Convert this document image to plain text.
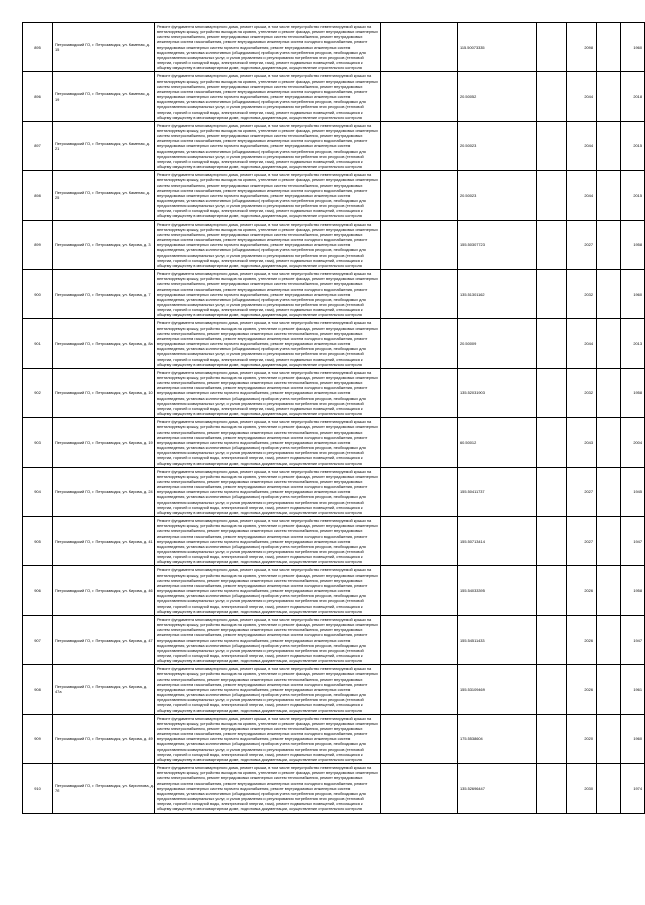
895	Петрозаводский ГО, г. Петрозаводск, ул. Каменая, д. 15	Ремонт фундамента многоквартирного дома, ремонт крыши, в том числе переустройство невентилируемой крыши на вентилируемую крышу, устройство выходов на кровлю, утепление и ремонт фасада, ремонт внутридомовых инженерных систем электроснабжения, ремонт внутридомовых инженерных систем теплоснабжения, ремонт внутридомовых инженерных систем газоснабжения, ремонт внутридомовых инженерных систем холодного водоснабжения, ремонт внутридомовых инженерных систем горячего водоснабжения, ремонт внутридомовых инженерных систем водоотведения, установка коллективных (общедомовых) приборов учета потребления ресурсов, необходимых для предоставления коммунальных услуг, и узлов управления и регулирования потребления этих ресурсов (тепловой энергии, горячей и холодной воды, электрической энергии, газа), ремонт подвальных помещений, относящихся к общему имуществу в многоквартирном доме, подготовка документации, осуществление строительного контроля		115.50073335		2098		1960
896	Петрозаводский ГО, г. Петрозаводск, ул. Каменая, д. 19	Ремонт фундамента многоквартирного дома, ремонт крыши, в том числе переустройство невентилируемой крыши на вентилируемую крышу, устройство выходов на кровлю, утепление и ремонт фасада, ремонт внутридомовых инженерных систем электроснабжения, ремонт внутридомовых инженерных систем теплоснабжения, ремонт внутридомовых инженерных систем газоснабжения, ремонт внутридомовых инженерных систем холодного водоснабжения, ремонт внутридомовых инженерных систем горячего водоснабжения, ремонт внутридомовых инженерных систем водоотведения, установка коллективных (общедомовых) приборов учета потребления ресурсов, необходимых для предоставления коммунальных услуг, и узлов управления и регулирования потребления этих ресурсов (тепловой энергии, горячей и холодной воды, электрической энергии, газа), ремонт подвальных помещений, относящихся к общему имуществу в многоквартирном доме, подготовка документации, осуществление строительного контроля		20.50052		2044		2018
897	Петрозаводский ГО, г. Петрозаводск, ул. Каменая, д. 21	Ремонт фундамента многоквартирного дома, ремонт крыши, в том числе переустройство невентилируемой крыши на вентилируемую крышу, устройство выходов на кровлю, утепление и ремонт фасада, ремонт внутридомовых инженерных систем электроснабжения, ремонт внутридомовых инженерных систем теплоснабжения, ремонт внутридомовых инженерных систем газоснабжения, ремонт внутридомовых инженерных систем холодного водоснабжения, ремонт внутридомовых инженерных систем горячего водоснабжения, ремонт внутридомовых инженерных систем водоотведения, установка коллективных (общедомовых) приборов учета потребления ресурсов, необходимых для предоставления коммунальных услуг, и узлов управления и регулирования потребления этих ресурсов (тепловой энергии, горячей и холодной воды, электрической энергии, газа), ремонт подвальных помещений, относящихся к общему имуществу в многоквартирном доме, подготовка документации, осуществление строительного контроля		20.50023		2044		2015
898	Петрозаводский ГО, г. Петрозаводск, ул. Каменая, д. 25	Ремонт фундамента многоквартирного дома, ремонт крыши, в том числе переустройство невентилируемой крыши на вентилируемую крышу, устройство выходов на кровлю, утепление и ремонт фасада, ремонт внутридомовых инженерных систем электроснабжения, ремонт внутридомовых инженерных систем теплоснабжения, ремонт внутридомовых инженерных систем газоснабжения, ремонт внутридомовых инженерных систем холодного водоснабжения, ремонт внутридомовых инженерных систем горячего водоснабжения, ремонт внутридомовых инженерных систем водоотведения, установка коллективных (общедомовых) приборов учета потребления ресурсов, необходимых для предоставления коммунальных услуг, и узлов управления и регулирования потребления этих ресурсов (тепловой энергии, горячей и холодной воды, электрической энергии, газа), ремонт подвальных помещений, относящихся к общему имуществу в многоквартирном доме, подготовка документации, осуществление строительного контроля		20.50023		2044		2015
899	Петрозаводский ГО, г. Петрозаводск, ул. Кирова, д. 3	Ремонт фундамента многоквартирного дома, ремонт крыши, в том числе переустройство невентилируемой крыши на вентилируемую крышу, устройство выходов на кровлю, утепление и ремонт фасада, ремонт внутридомовых инженерных систем электроснабжения, ремонт внутридомовых инженерных систем теплоснабжения, ремонт внутридомовых инженерных систем газоснабжения, ремонт внутридомовых инженерных систем холодного водоснабжения, ремонт внутридомовых инженерных систем горячего водоснабжения, ремонт внутридомовых инженерных систем водоотведения, установка коллективных (общедомовых) приборов учета потребления ресурсов, необходимых для предоставления коммунальных услуг, и узлов управления и регулирования потребления этих ресурсов (тепловой энергии, горячей и холодной воды, электрической энергии, газа), ремонт подвальных помещений, относящихся к общему имуществу в многоквартирном доме, подготовка документации, осуществление строительного контроля		155.50307723		2027		1958
900	Петрозаводский ГО, г. Петрозаводск, ул. Кирова, д. 7	Ремонт фундамента многоквартирного дома, ремонт крыши, в том числе переустройство невентилируемой крыши на вентилируемую крышу, устройство выходов на кровлю, утепление и ремонт фасада, ремонт внутридомовых инженерных систем электроснабжения, ремонт внутридомовых инженерных систем теплоснабжения, ремонт внутридомовых инженерных систем газоснабжения, ремонт внутридомовых инженерных систем холодного водоснабжения, ремонт внутридомовых инженерных систем горячего водоснабжения, ремонт внутридомовых инженерных систем водоотведения, установка коллективных (общедомовых) приборов учета потребления ресурсов, необходимых для предоставления коммунальных услуг, и узлов управления и регулирования потребления этих ресурсов (тепловой энергии, горячей и холодной воды, электрической энергии, газа), ремонт подвальных помещений, относящихся к общему имуществу в многоквартирном доме, подготовка документации, осуществление строительного контроля		135.51301162		2032		1960
901	Петрозаводский ГО, г. Петрозаводск, ул. Кирова, д. 8а	Ремонт фундамента многоквартирного дома, ремонт крыши, в том числе переустройство невентилируемой крыши на вентилируемую крышу, устройство выходов на кровлю, утепление и ремонт фасада, ремонт внутридомовых инженерных систем электроснабжения, ремонт внутридомовых инженерных систем теплоснабжения, ремонт внутридомовых инженерных систем газоснабжения, ремонт внутридомовых инженерных систем холодного водоснабжения, ремонт внутридомовых инженерных систем горячего водоснабжения, ремонт внутридомовых инженерных систем водоотведения, установка коллективных (общедомовых) приборов учета потребления ресурсов, необходимых для предоставления коммунальных услуг, и узлов управления и регулирования потребления этих ресурсов (тепловой энергии, горячей и холодной воды, электрической энергии, газа), ремонт подвальных помещений, относящихся к общему имуществу в многоквартирном доме, подготовка документации, осуществление строительного контроля		20.50009		2044		2013
902	Петрозаводский ГО, г. Петрозаводск, ул. Кирова, д. 10	Ремонт фундамента многоквартирного дома, ремонт крыши, в том числе переустройство невентилируемой крыши на вентилируемую крышу, устройство выходов на кровлю, утепление и ремонт фасада, ремонт внутридомовых инженерных систем электроснабжения, ремонт внутридомовых инженерных систем теплоснабжения, ремонт внутридомовых инженерных систем газоснабжения, ремонт внутридомовых инженерных систем холодного водоснабжения, ремонт внутридомовых инженерных систем горячего водоснабжения, ремонт внутридомовых инженерных систем водоотведения, установка коллективных (общедомовых) приборов учета потребления ресурсов, необходимых для предоставления коммунальных услуг, и узлов управления и регулирования потребления этих ресурсов (тепловой энергии, горячей и холодной воды, электрической энергии, газа), ремонт подвальных помещений, относящихся к общему имуществу в многоквартирном доме, подготовка документации, осуществление строительного контроля		135.52031903		2032		1958
903	Петрозаводский ГО, г. Петрозаводск, ул. Кирова, д. 19	Ремонт фундамента многоквартирного дома, ремонт крыши, в том числе переустройство невентилируемой крыши на вентилируемую крышу, устройство выходов на кровлю, утепление и ремонт фасада, ремонт внутридомовых инженерных систем электроснабжения, ремонт внутридомовых инженерных систем теплоснабжения, ремонт внутридомовых инженерных систем газоснабжения, ремонт внутридомовых инженерных систем холодного водоснабжения, ремонт внутридомовых инженерных систем горячего водоснабжения, ремонт внутридомовых инженерных систем водоотведения, установка коллективных (общедомовых) приборов учета потребления ресурсов, необходимых для предоставления коммунальных услуг, и узлов управления и регулирования потребления этих ресурсов (тепловой энергии, горячей и холодной воды, электрической энергии, газа), ремонт подвальных помещений, относящихся к общему имуществу в многоквартирном доме, подготовка документации, осуществление строительного контроля		60.50012		2043		2004
904	Петрозаводский ГО, г. Петрозаводск, ул. Кирова, д. 24	Ремонт фундамента многоквартирного дома, ремонт крыши, в том числе переустройство невентилируемой крыши на вентилируемую крышу, устройство выходов на кровлю, утепление и ремонт фасада, ремонт внутридомовых инженерных систем электроснабжения, ремонт внутридомовых инженерных систем теплоснабжения, ремонт внутридомовых инженерных систем газоснабжения, ремонт внутридомовых инженерных систем холодного водоснабжения, ремонт внутридомовых инженерных систем горячего водоснабжения, ремонт внутридомовых инженерных систем водоотведения, установка коллективных (общедомовых) приборов учета потребления ресурсов, необходимых для предоставления коммунальных услуг, и узлов управления и регулирования потребления этих ресурсов (тепловой энергии, горячей и холодной воды, электрической энергии, газа), ремонт подвальных помещений, относящихся к общему имуществу в многоквартирном доме, подготовка документации, осуществление строительного контроля		155.50411737		2027		1945
905	Петрозаводский ГО, г. Петрозаводск, ул. Кирова, д. 41	Ремонт фундамента многоквартирного дома, ремонт крыши, в том числе переустройство невентилируемой крыши на вентилируемую крышу, устройство выходов на кровлю, утепление и ремонт фасада, ремонт внутридомовых инженерных систем электроснабжения, ремонт внутридомовых инженерных систем теплоснабжения, ремонт внутридомовых инженерных систем газоснабжения, ремонт внутридомовых инженерных систем холодного водоснабжения, ремонт внутридомовых инженерных систем горячего водоснабжения, ремонт внутридомовых инженерных систем водоотведения, установка коллективных (общедомовых) приборов учета потребления ресурсов, необходимых для предоставления коммунальных услуг, и узлов управления и регулирования потребления этих ресурсов (тепловой энергии, горячей и холодной воды, электрической энергии, газа), ремонт подвальных помещений, относящихся к общему имуществу в многоквартирном доме, подготовка документации, осуществление строительного контроля		155.50713414		2027		1947
906	Петрозаводский ГО, г. Петрозаводск, ул. Кирова, д. 46	Ремонт фундамента многоквартирного дома, ремонт крыши, в том числе переустройство невентилируемой крыши на вентилируемую крышу, устройство выходов на кровлю, утепление и ремонт фасада, ремонт внутридомовых инженерных систем электроснабжения, ремонт внутридомовых инженерных систем теплоснабжения, ремонт внутридомовых инженерных систем газоснабжения, ремонт внутридомовых инженерных систем холодного водоснабжения, ремонт внутридомовых инженерных систем горячего водоснабжения, ремонт внутридомовых инженерных систем водоотведения, установка коллективных (общедомовых) приборов учета потребления ресурсов, необходимых для предоставления коммунальных услуг, и узлов управления и регулирования потребления этих ресурсов (тепловой энергии, горячей и холодной воды, электрической энергии, газа), ремонт подвальных помещений, относящихся к общему имуществу в многоквартирном доме, подготовка документации, осуществление строительного контроля		155.54033395		2026		1958
907	Петрозаводский ГО, г. Петрозаводск, ул. Кирова, д. 47	Ремонт фундамента многоквартирного дома, ремонт крыши, в том числе переустройство невентилируемой крыши на вентилируемую крышу, устройство выходов на кровлю, утепление и ремонт фасада, ремонт внутридомовых инженерных систем электроснабжения, ремонт внутридомовых инженерных систем теплоснабжения, ремонт внутридомовых инженерных систем газоснабжения, ремонт внутридомовых инженерных систем холодного водоснабжения, ремонт внутридомовых инженерных систем горячего водоснабжения, ремонт внутридомовых инженерных систем водоотведения, установка коллективных (общедомовых) приборов учета потребления ресурсов, необходимых для предоставления коммунальных услуг, и узлов управления и регулирования потребления этих ресурсов (тепловой энергии, горячей и холодной воды, электрической энергии, газа), ремонт подвальных помещений, относящихся к общему имуществу в многоквартирном доме, подготовка документации, осуществление строительного контроля		155.54511433		2026		1947
908	Петрозаводский ГО, г. Петрозаводск, ул. Кирова, д. 47а	Ремонт фундамента многоквартирного дома, ремонт крыши, в том числе переустройство невентилируемой крыши на вентилируемую крышу, устройство выходов на кровлю, утепление и ремонт фасада, ремонт внутридомовых инженерных систем электроснабжения, ремонт внутридомовых инженерных систем теплоснабжения, ремонт внутридомовых инженерных систем газоснабжения, ремонт внутридомовых инженерных систем холодного водоснабжения, ремонт внутридомовых инженерных систем горячего водоснабжения, ремонт внутридомовых инженерных систем водоотведения, установка коллективных (общедомовых) приборов учета потребления ресурсов, необходимых для предоставления коммунальных услуг, и узлов управления и регулирования потребления этих ресурсов (тепловой энергии, горячей и холодной воды, электрической энергии, газа), ремонт подвальных помещений, относящихся к общему имуществу в многоквартирном доме, подготовка документации, осуществление строительного контроля		155.53109469		2026		1961
909	Петрозаводский ГО, г. Петрозаводск, ул. Кирова, д. 49	Ремонт фундамента многоквартирного дома, ремонт крыши, в том числе переустройство невентилируемой крыши на вентилируемую крышу, устройство выходов на кровлю, утепление и ремонт фасада, ремонт внутридомовых инженерных систем электроснабжения, ремонт внутридомовых инженерных систем теплоснабжения, ремонт внутридомовых инженерных систем газоснабжения, ремонт внутридомовых инженерных систем холодного водоснабжения, ремонт внутридомовых инженерных систем горячего водоснабжения, ремонт внутридомовых инженерных систем водоотведения, установка коллективных (общедомовых) приборов учета потребления ресурсов, необходимых для предоставления коммунальных услуг, и узлов управления и регулирования потребления этих ресурсов (тепловой энергии, горячей и холодной воды, электрической энергии, газа), ремонт подвальных помещений, относящихся к общему имуществу в многоквартирном доме, подготовка документации, осуществление строительного контроля		175.5538604		2020		1960
910	Петрозаводский ГО, г. Петрозаводск, ул. Кириллова, д. 7б	Ремонт фундамента многоквартирного дома, ремонт крыши, в том числе переустройство невентилируемой крыши на вентилируемую крышу, устройство выходов на кровлю, утепление и ремонт фасада, ремонт внутридомовых инженерных систем электроснабжения, ремонт внутридомовых инженерных систем теплоснабжения, ремонт внутридомовых инженерных систем газоснабжения, ремонт внутридомовых инженерных систем холодного водоснабжения, ремонт внутридомовых инженерных систем горячего водоснабжения, ремонт внутридомовых инженерных систем водоотведения, установка коллективных (общедомовых) приборов учета потребления ресурсов, необходимых для предоставления коммунальных услуг, и узлов управления и регулирования потребления этих ресурсов (тепловой энергии, горячей и холодной воды, электрической энергии, газа), ремонт подвальных помещений, относящихся к общему имуществу в многоквартирном доме, подготовка документации, осуществление строительного контроля		135.52696447		2030		1974
